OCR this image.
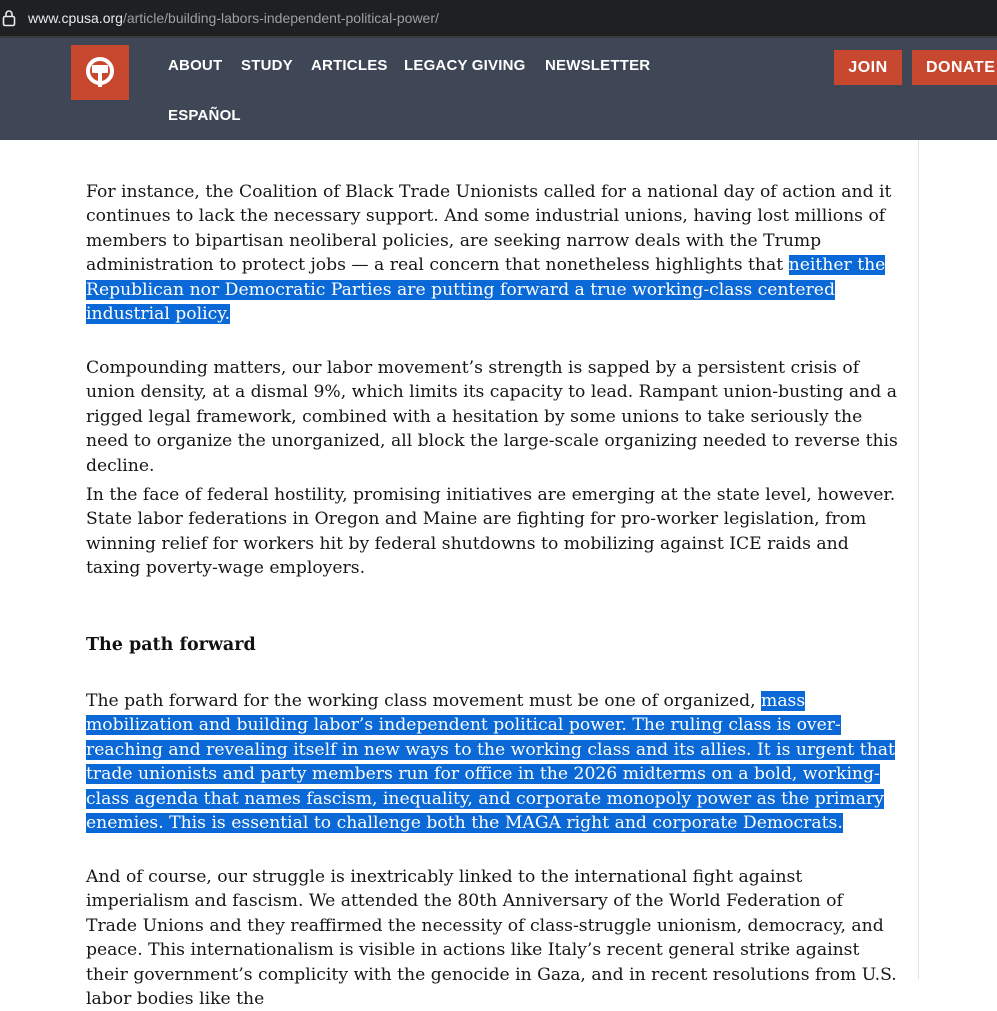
www.cpusa.org /article/building-labors-independent-political-power/
ABOUT STUDY ARTICLES LEGACY GIVING NEWSLETTER
ESPAÑOL
JOIN	DONATE

For instance, the Coalition of Black Trade Unionists called for a national day of action and it continues to lack the necessary support. And some industrial unions, having lost millions of members to bipartisan neoliberal policies, are seeking narrow deals with the Trump administration to protect jobs — a real concern that nonetheless highlights that neither the Republican nor Democratic Parties are putting forward a true working-class centered industrial policy.

Compounding matters, our labor movement’s strength is sapped by a persistent crisis of union density, at a dismal 9%, which limits its capacity to lead. Rampant union-busting and a rigged legal framework, combined with a hesitation by some unions to take seriously the need to organize the unorganized, all block the large-scale organizing needed to reverse this decline.

In the face of federal hostility, promising initiatives are emerging at the state level, however. State labor federations in Oregon and Maine are fighting for pro-worker legislation, from winning relief for workers hit by federal shutdowns to mobilizing against ICE raids and taxing poverty-wage employers.

The path forward

The path forward for the working class movement must be one of organized, mass mobilization and building labor’s independent political power. The ruling class is over-reaching and revealing itself in new ways to the working class and its allies. It is urgent that trade unionists and party members run for office in the 2026 midterms on a bold, working-class agenda that names fascism, inequality, and corporate monopoly power as the primary enemies. This is essential to challenge both the MAGA right and corporate Democrats.

And of course, our struggle is inextricably linked to the international fight against imperialism and fascism. We attended the 80th Anniversary of the World Federation of Trade Unions and they reaffirmed the necessity of class-struggle unionism, democracy, and peace. This internationalism is visible in actions like Italy’s recent general strike against their government’s complicity with the genocide in Gaza, and in recent resolutions from U.S. labor bodies like the
